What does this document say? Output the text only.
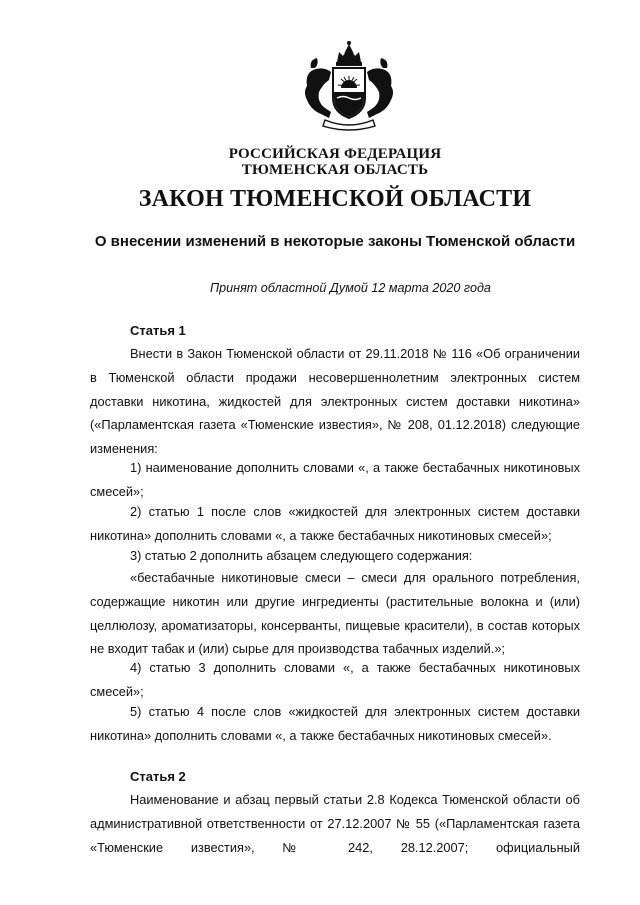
РОССИЙСКАЯ ФЕДЕРАЦИЯ
ТЮМЕНСКАЯ ОБЛАСТЬ
ЗАКОН ТЮМЕНСКОЙ ОБЛАСТИ
О внесении изменений в некоторые законы Тюменской области
Принят областной Думой 12 марта 2020 года
Статья 1

Внести в Закон Тюменской области от 29.11.2018 № 116 «Об ограничении в Тюменской области продажи несовершеннолетним электронных систем доставки никотина, жидкостей для электронных систем доставки никотина» («Парламентская газета «Тюменские известия», № 208, 01.12.2018) следующие изменения:

1) наименование дополнить словами «, а также бестабачных никотиновых смесей»;

2) статью 1 после слов «жидкостей для электронных систем доставки никотина» дополнить словами «, а также бестабачных никотиновых смесей»;

3) статью 2 дополнить абзацем следующего содержания:

«бестабачные никотиновые смеси – смеси для орального потребления, содержащие никотин или другие ингредиенты (растительные волокна и (или) целлюлозу, ароматизаторы, консерванты, пищевые красители), в состав которых не входит табак и (или) сырье для производства табачных изделий.»;

4) статью 3 дополнить словами «, а также бестабачных никотиновых смесей»;

5) статью 4 после слов «жидкостей для электронных систем доставки никотина» дополнить словами «, а также бестабачных никотиновых смесей».

Статья 2

Наименование и абзац первый статьи 2.8 Кодекса Тюменской области об административной ответственности от 27.12.2007 № 55 («Парламентская газета «Тюменские известия», № 242, 28.12.2007; официальный
